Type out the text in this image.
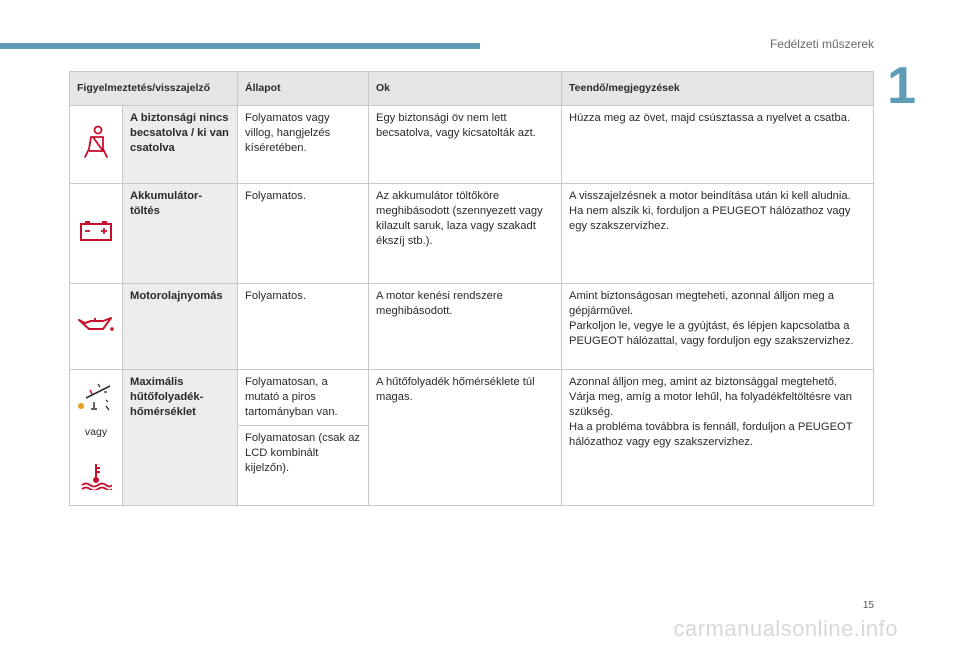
Fedélzeti műszerek
1
Figyelmeztetés/visszajelző		Állapot	Ok	Teendő/megjegyzések
	A biztonsági nincs becsatolva / ki van csatolva	Folyamatos vagy villog, hangjelzés kíséretében.	Egy biztonsági öv nem lett becsatolva, vagy kicsatolták azt.	Húzza meg az övet, majd csúsztassa a nyelvet a csatba.
	Akkumulátor-töltés	Folyamatos.	Az akkumulátor töltőköre meghibásodott (szennyezett vagy kilazult saruk, laza vagy szakadt ékszíj stb.).	A visszajelzésnek a motor beindítása után ki kell aludnia.
Ha nem alszik ki, forduljon a PEUGEOT hálózathoz vagy egy szakszervizhez.
	Motorolajnyomás	Folyamatos.	A motor kenési rendszere meghibásodott.	Amint biztonságosan megteheti, azonnal álljon meg a gépjárművel.
Parkoljon le, vegye le a gyújtást, és lépjen kapcsolatba a PEUGEOT hálózattal, vagy forduljon egy szakszervizhez.

vagy	Maximális hűtőfolyadék-hőmérséklet	Folyamatosan, a mutató a piros tartományban van.	A hűtőfolyadék hőmérséklete túl magas.	Azonnal álljon meg, amint az biztonsággal megtehető.
Várja meg, amíg a motor lehűl, ha folyadékfeltöltésre van szükség.
Ha a probléma továbbra is fennáll, forduljon a PEUGEOT hálózathoz vagy egy szakszervizhez.
		Folyamatosan (csak az LCD kombinált kijelzőn).		
15
carmanualsonline.info
